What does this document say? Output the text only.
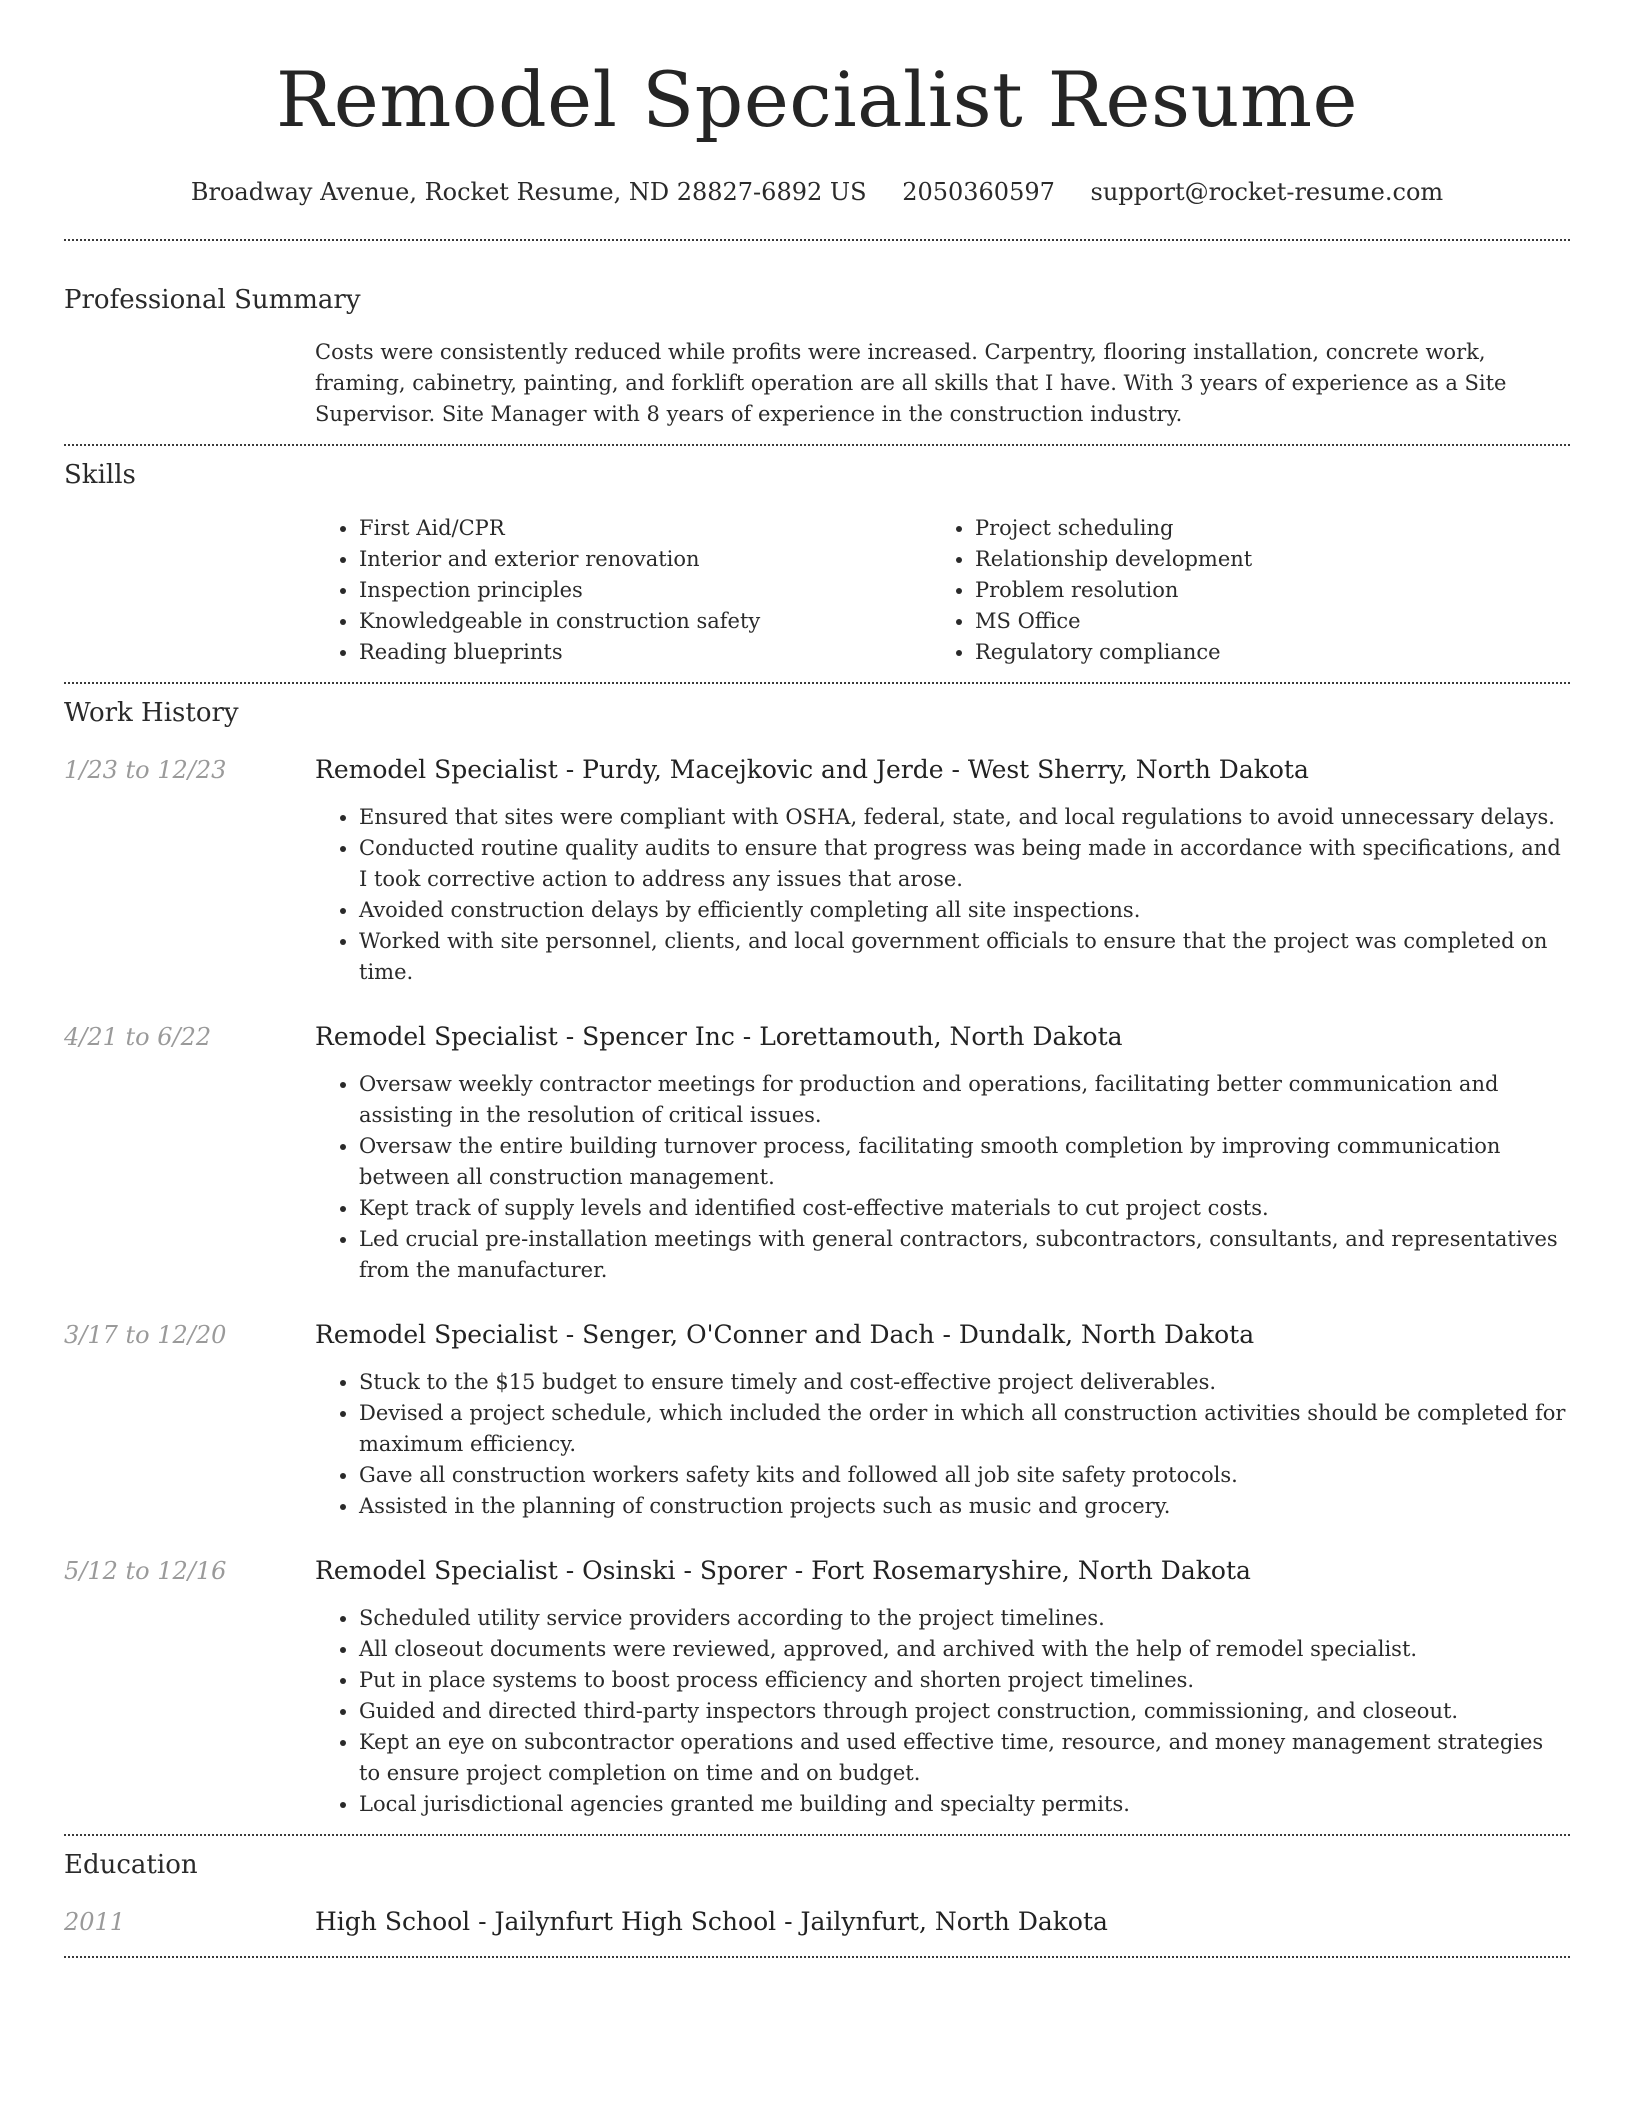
Remodel Specialist Resume
Broadway Avenue, Rocket Resume, ND 28827-6892 US 2050360597 support@rocket-resume.com
Professional Summary
Costs were consistently reduced while profits were increased. Carpentry, flooring installation, concrete work, framing, cabinetry, painting, and forklift operation are all skills that I have. With 3 years of experience as a Site Supervisor. Site Manager with 8 years of experience in the construction industry.
Skills
• First Aid/CPR
• Interior and exterior renovation
• Inspection principles
• Knowledgeable in construction safety
• Reading blueprints
• Project scheduling
• Relationship development
• Problem resolution
• MS Office
• Regulatory compliance
Work History
1/23 to 12/23	Remodel Specialist - Purdy, Macejkovic and Jerde - West Sherry, North Dakota
• Ensured that sites were compliant with OSHA, federal, state, and local regulations to avoid unnecessary delays.
• Conducted routine quality audits to ensure that progress was being made in accordance with specifications, and I took corrective action to address any issues that arose.
• Avoided construction delays by efficiently completing all site inspections.
• Worked with site personnel, clients, and local government officials to ensure that the project was completed on time.
4/21 to 6/22	Remodel Specialist - Spencer Inc - Lorettamouth, North Dakota
• Oversaw weekly contractor meetings for production and operations, facilitating better communication and assisting in the resolution of critical issues.
• Oversaw the entire building turnover process, facilitating smooth completion by improving communication between all construction management.
• Kept track of supply levels and identified cost-effective materials to cut project costs.
• Led crucial pre-installation meetings with general contractors, subcontractors, consultants, and representatives from the manufacturer.
3/17 to 12/20	Remodel Specialist - Senger, O'Conner and Dach - Dundalk, North Dakota
• Stuck to the $15 budget to ensure timely and cost-effective project deliverables.
• Devised a project schedule, which included the order in which all construction activities should be completed for maximum efficiency.
• Gave all construction workers safety kits and followed all job site safety protocols.
• Assisted in the planning of construction projects such as music and grocery.
5/12 to 12/16	Remodel Specialist - Osinski - Sporer - Fort Rosemaryshire, North Dakota
• Scheduled utility service providers according to the project timelines.
• All closeout documents were reviewed, approved, and archived with the help of remodel specialist.
• Put in place systems to boost process efficiency and shorten project timelines.
• Guided and directed third-party inspectors through project construction, commissioning, and closeout.
• Kept an eye on subcontractor operations and used effective time, resource, and money management strategies to ensure project completion on time and on budget.
• Local jurisdictional agencies granted me building and specialty permits.
Education
2011	High School - Jailynfurt High School - Jailynfurt, North Dakota
